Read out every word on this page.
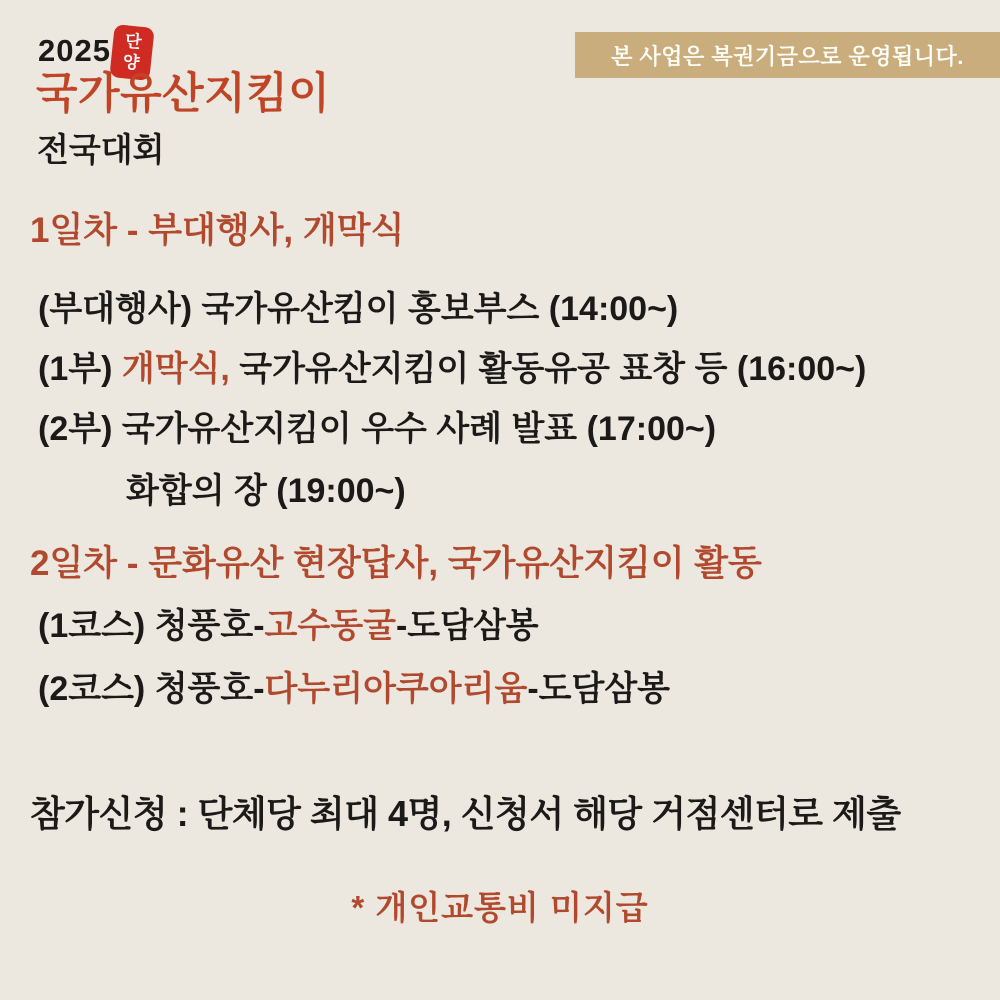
본 사업은 복권기금으로 운영됩니다.
2025 단
양
국가유산지킴이
전국대회
1일차 - 부대행사, 개막식
(부대행사) 국가유산킴이 홍보부스 (14:00~)
(1부) 개막식, 국가유산지킴이 활동유공 표창 등 (16:00~)
(2부) 국가유산지킴이 우수 사례 발표 (17:00~)
화합의 장 (19:00~)
2일차 - 문화유산 현장답사, 국가유산지킴이 활동
(1코스) 청풍호-고수동굴-도담삼봉
(2코스) 청풍호-다누리아쿠아리움-도담삼봉
참가신청 : 단체당 최대 4명, 신청서 해당 거점센터로 제출
* 개인교통비 미지급
